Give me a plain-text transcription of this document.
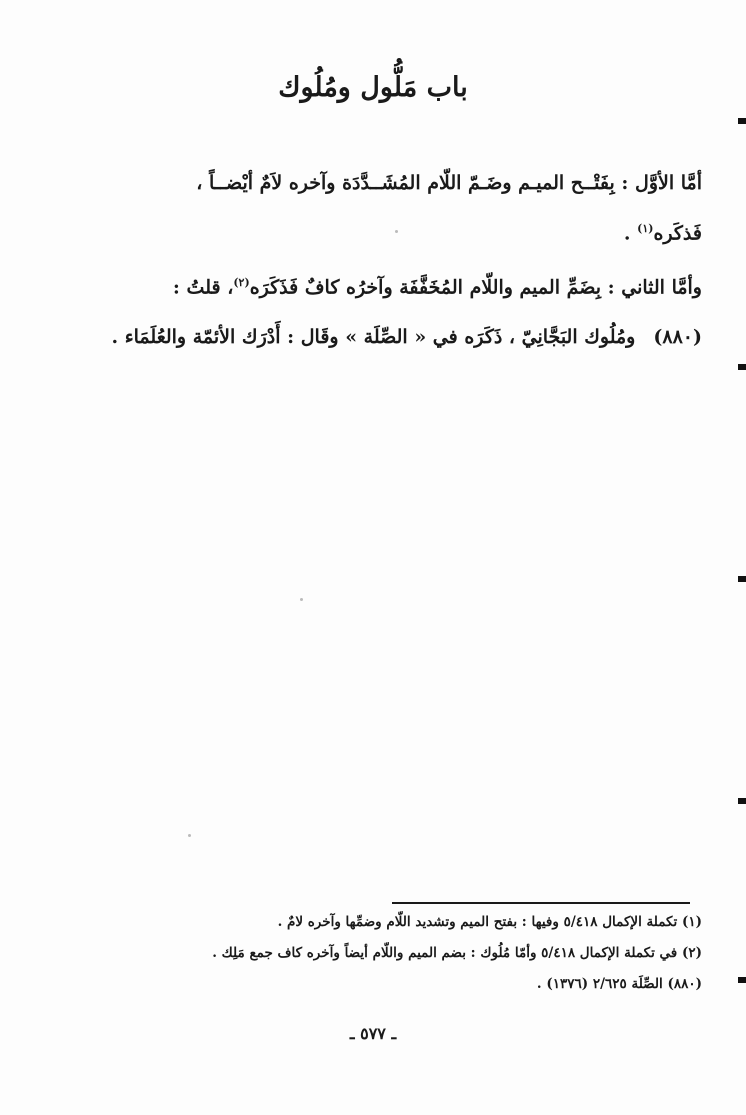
باب مَلُّول ومُلُوك
أمَّا الأوَّل : بِفَتْــح الميـم وضَـمّ اللّام المُشَــدَّدَة وآخره لاَمٌ أيْضــاً ،
فَذكَره$^{(١)}$ .
وأمَّا الثاني : بِضَمِّ الميم واللّام المُخَفَّفَة وآخرُه كافٌ فَذَكَرَه$^{(٢)}$، قلتُ :
(٨٨٠)ومُلُوك البَجَّانِيّ ، ذَكَرَه في « الصِّلَة » وقَال : أَدْرَك الأئمّة والعُلَمَاء .
(١) تكملة الإكمال ٥/٤١٨ وفيها : بفتح الميم وتشديد اللّام وضمِّها وآخره لامٌ .
(٢) في تكملة الإكمال ٥/٤١٨ وأمّا مُلُوك : بضم الميم واللّام أيضاً وآخره كاف جمع مَلِك .
(٨٨٠) الصِّلَة ٢/٦٢٥ (١٣٧٦) .
ـ ٥٧٧ ـ
